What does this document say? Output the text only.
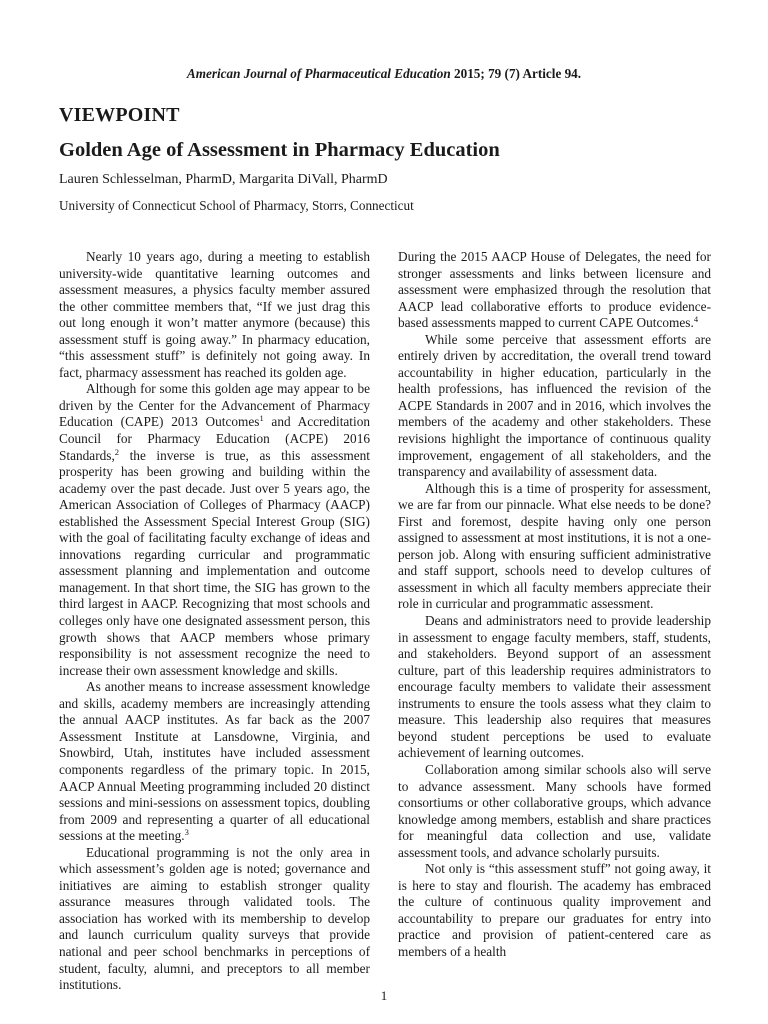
American Journal of Pharmaceutical Education 2015; 79 (7) Article 94.
VIEWPOINT
Golden Age of Assessment in Pharmacy Education
Lauren Schlesselman, PharmD, Margarita DiVall, PharmD
University of Connecticut School of Pharmacy, Storrs, Connecticut

Nearly 10 years ago, during a meeting to establish university-wide quantitative learning outcomes and assessment measures, a physics faculty member assured the other committee members that, “If we just drag this out long enough it won’t matter anymore (because) this assessment stuff is going away.” In pharmacy education, “this assessment stuff” is definitely not going away. In fact, pharmacy assessment has reached its golden age.

Although for some this golden age may appear to be driven by the Center for the Advancement of Pharmacy Education (CAPE) 2013 Outcomes$^1$ and Accreditation Council for Pharmacy Education (ACPE) 2016 Standards,$^2$ the inverse is true, as this assessment prosperity has been growing and building within the academy over the past decade. Just over 5 years ago, the American Association of Colleges of Pharmacy (AACP) established the Assessment Special Interest Group (SIG) with the goal of facilitating faculty exchange of ideas and innovations regarding curricular and programmatic assessment planning and implementation and outcome management. In that short time, the SIG has grown to the third largest in AACP. Recognizing that most schools and colleges only have one designated assessment person, this growth shows that AACP members whose primary responsibility is not assessment recognize the need to increase their own assessment knowledge and skills.

As another means to increase assessment knowledge and skills, academy members are increasingly attending the annual AACP institutes. As far back as the 2007 Assessment Institute at Lansdowne, Virginia, and Snowbird, Utah, institutes have included assessment components regardless of the primary topic. In 2015, AACP Annual Meeting programming included 20 distinct sessions and mini-sessions on assessment topics, doubling from 2009 and representing a quarter of all educational sessions at the meeting.$^3$

Educational programming is not the only area in which assessment’s golden age is noted; governance and initiatives are aiming to establish stronger quality assurance measures through validated tools. The association has worked with its membership to develop and launch curriculum quality surveys that provide national and peer school benchmarks in perceptions of student, faculty, alumni, and preceptors to all member institutions.

During the 2015 AACP House of Delegates, the need for stronger assessments and links between licensure and assessment were emphasized through the resolution that AACP lead collaborative efforts to produce evidence-based assessments mapped to current CAPE Outcomes.$^4$

While some perceive that assessment efforts are entirely driven by accreditation, the overall trend toward accountability in higher education, particularly in the health professions, has influenced the revision of the ACPE Standards in 2007 and in 2016, which involves the members of the academy and other stakeholders. These revisions highlight the importance of continuous quality improvement, engagement of all stakeholders, and the transparency and availability of assessment data.

Although this is a time of prosperity for assessment, we are far from our pinnacle. What else needs to be done? First and foremost, despite having only one person assigned to assessment at most institutions, it is not a one-person job. Along with ensuring sufficient administrative and staff support, schools need to develop cultures of assessment in which all faculty members appreciate their role in curricular and programmatic assessment.

Deans and administrators need to provide leadership in assessment to engage faculty members, staff, students, and stakeholders. Beyond support of an assessment culture, part of this leadership requires administrators to encourage faculty members to validate their assessment instruments to ensure the tools assess what they claim to measure. This leadership also requires that measures beyond student perceptions be used to evaluate achievement of learning outcomes.

Collaboration among similar schools also will serve to advance assessment. Many schools have formed consortiums or other collaborative groups, which advance knowledge among members, establish and share practices for meaningful data collection and use, validate assessment tools, and advance scholarly pursuits.

Not only is “this assessment stuff” not going away, it is here to stay and flourish. The academy has embraced the culture of continuous quality improvement and accountability to prepare our graduates for entry into practice and provision of patient-centered care as members of a health

1
